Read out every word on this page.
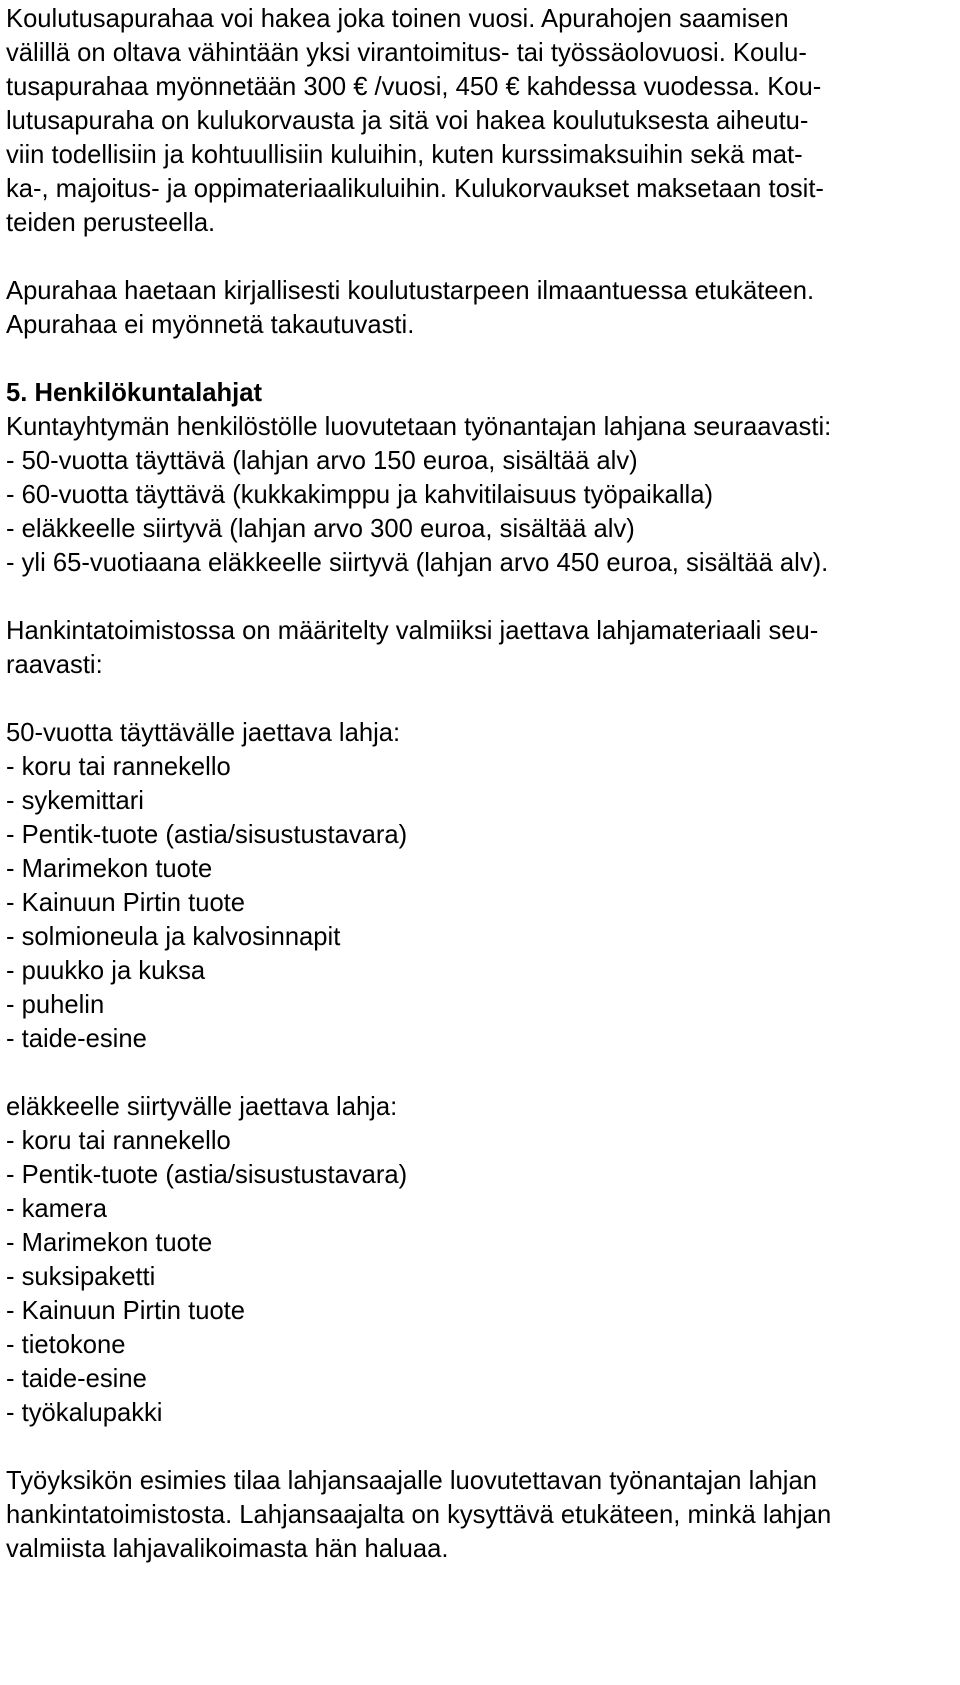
Koulutusapurahaa voi hakea joka toinen vuosi. Apurahojen saamisen
välillä on oltava vähintään yksi virantoimitus- tai työssäolovuosi. Koulu-
tusapurahaa myönnetään 300 € /vuosi, 450 € kahdessa vuodessa. Kou-
lutusapuraha on kulukorvausta ja sitä voi hakea koulutuksesta aiheutu-
viin todellisiin ja kohtuullisiin kuluihin, kuten kurssimaksuihin sekä mat-
ka-, majoitus- ja oppimateriaalikuluihin. Kulukorvaukset maksetaan tosit-
teiden perusteella.
Apurahaa haetaan kirjallisesti koulutustarpeen ilmaantuessa etukäteen.
Apurahaa ei myönnetä takautuvasti.
5. Henkilökuntalahjat
Kuntayhtymän henkilöstölle luovutetaan työnantajan lahjana seuraavasti:
- 50-vuotta täyttävä (lahjan arvo 150 euroa, sisältää alv)
- 60-vuotta täyttävä (kukkakimppu ja kahvitilaisuus työpaikalla)
- eläkkeelle siirtyvä (lahjan arvo 300 euroa, sisältää alv)
- yli 65-vuotiaana eläkkeelle siirtyvä (lahjan arvo 450 euroa, sisältää alv).
Hankintatoimistossa on määritelty valmiiksi jaettava lahjamateriaali seu-
raavasti:
50-vuotta täyttävälle jaettava lahja:
- koru tai rannekello
- sykemittari
- Pentik-tuote (astia/sisustustavara)
- Marimekon tuote
- Kainuun Pirtin tuote
- solmioneula ja kalvosinnapit
- puukko ja kuksa
- puhelin
- taide-esine
eläkkeelle siirtyvälle jaettava lahja:
- koru tai rannekello
- Pentik-tuote (astia/sisustustavara)
- kamera
- Marimekon tuote
- suksipaketti
- Kainuun Pirtin tuote
- tietokone
- taide-esine
- työkalupakki
Työyksikön esimies tilaa lahjansaajalle luovutettavan työnantajan lahjan
hankintatoimistosta. Lahjansaajalta on kysyttävä etukäteen, minkä lahjan
valmiista lahjavalikoimasta hän haluaa.
